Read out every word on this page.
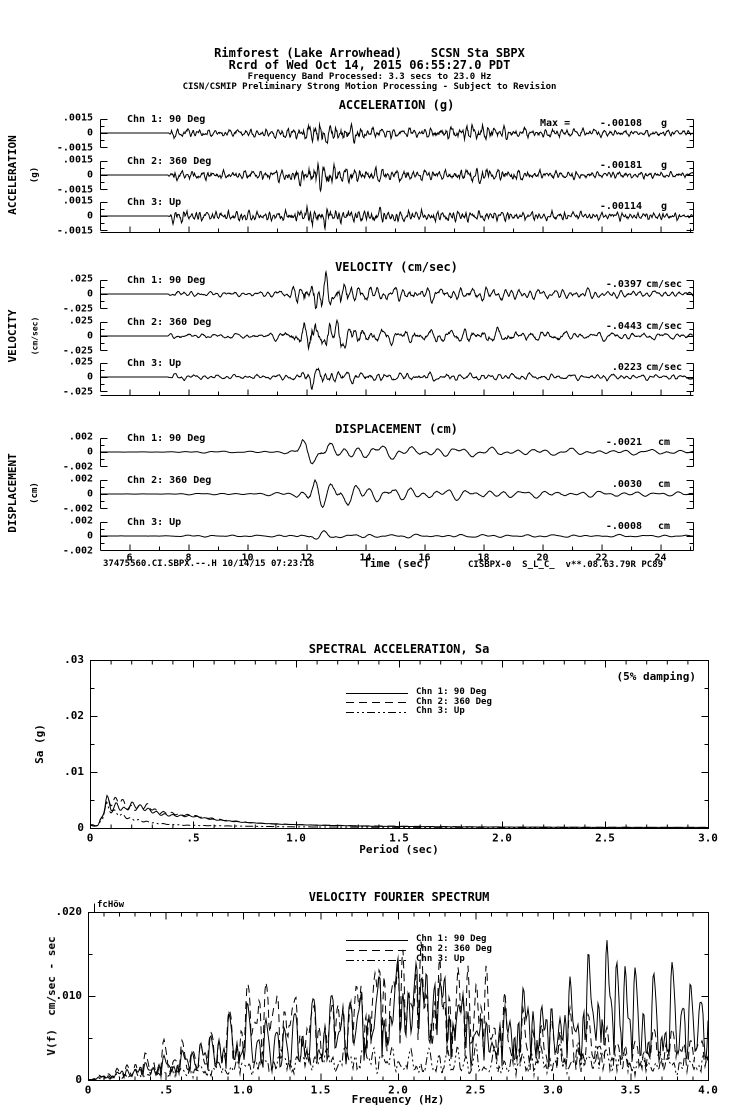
Rimforest (Lake Arrowhead)    SCSN Sta SBPX
Rcrd of Wed Oct 14, 2015 06:55:27.0 PDT
Frequency Band Processed: 3.3 secs to 23.0 Hz
CISN/CSMIP Preliminary Strong Motion Processing - Subject to Revision
ACCELERATION (g)
VELOCITY (cm/sec)
DISPLACEMENT (cm)
ACCELERATION (g)
VELOCITY (cm/sec)
DISPLACEMENT (cm)
Chn 1: 90 Deg
Chn 2: 360 Deg
Chn 3: Up
Chn 1: 90 Deg
Chn 2: 360 Deg
Chn 3: Up
Chn 1: 90 Deg
Chn 2: 360 Deg
Chn 3: Up
Max =	-.00108	g
-.00181	g
-.00114	g
-.0397 cm/sec
-.0443 cm/sec
.0223 cm/sec
-.0021	cm
.0030	cm
-.0008	cm
37475560.CI.SBPX.--.H 10/14/15 07:23:18	Time (sec)	CISBPX-0  S_L_C_  v**.08.63.79R PC89
SPECTRAL ACCELERATION, Sa
(5% damping)
Chn 1: 90 Deg
Chn 2: 360 Deg
Chn 3: Up
Sa (g)
Period (sec)
VELOCITY FOURIER SPECTRUM
fcHöw
Chn 1: 90 Deg
Chn 2: 360 Deg
Chn 3: Up
V(f)  cm/sec - sec
Frequency (Hz)
